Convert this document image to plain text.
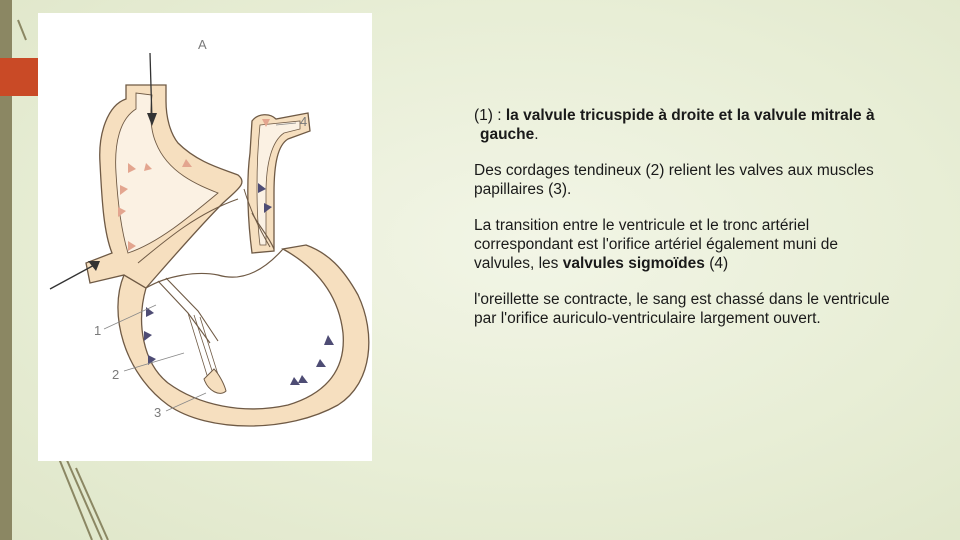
A
4
1
2
3

(1) : la valvule tricuspide à droite et la valvule mitrale à gauche.

Des cordages tendineux (2) relient les valves aux muscles papillaires (3).

La transition entre le ventricule et le tronc artériel correspondant est l'orifice artériel également muni de valvules, les valvules sigmoïdes (4)

l'oreillette se contracte, le sang est chassé dans le ventricule par l'orifice auriculo-ventriculaire largement ouvert.
